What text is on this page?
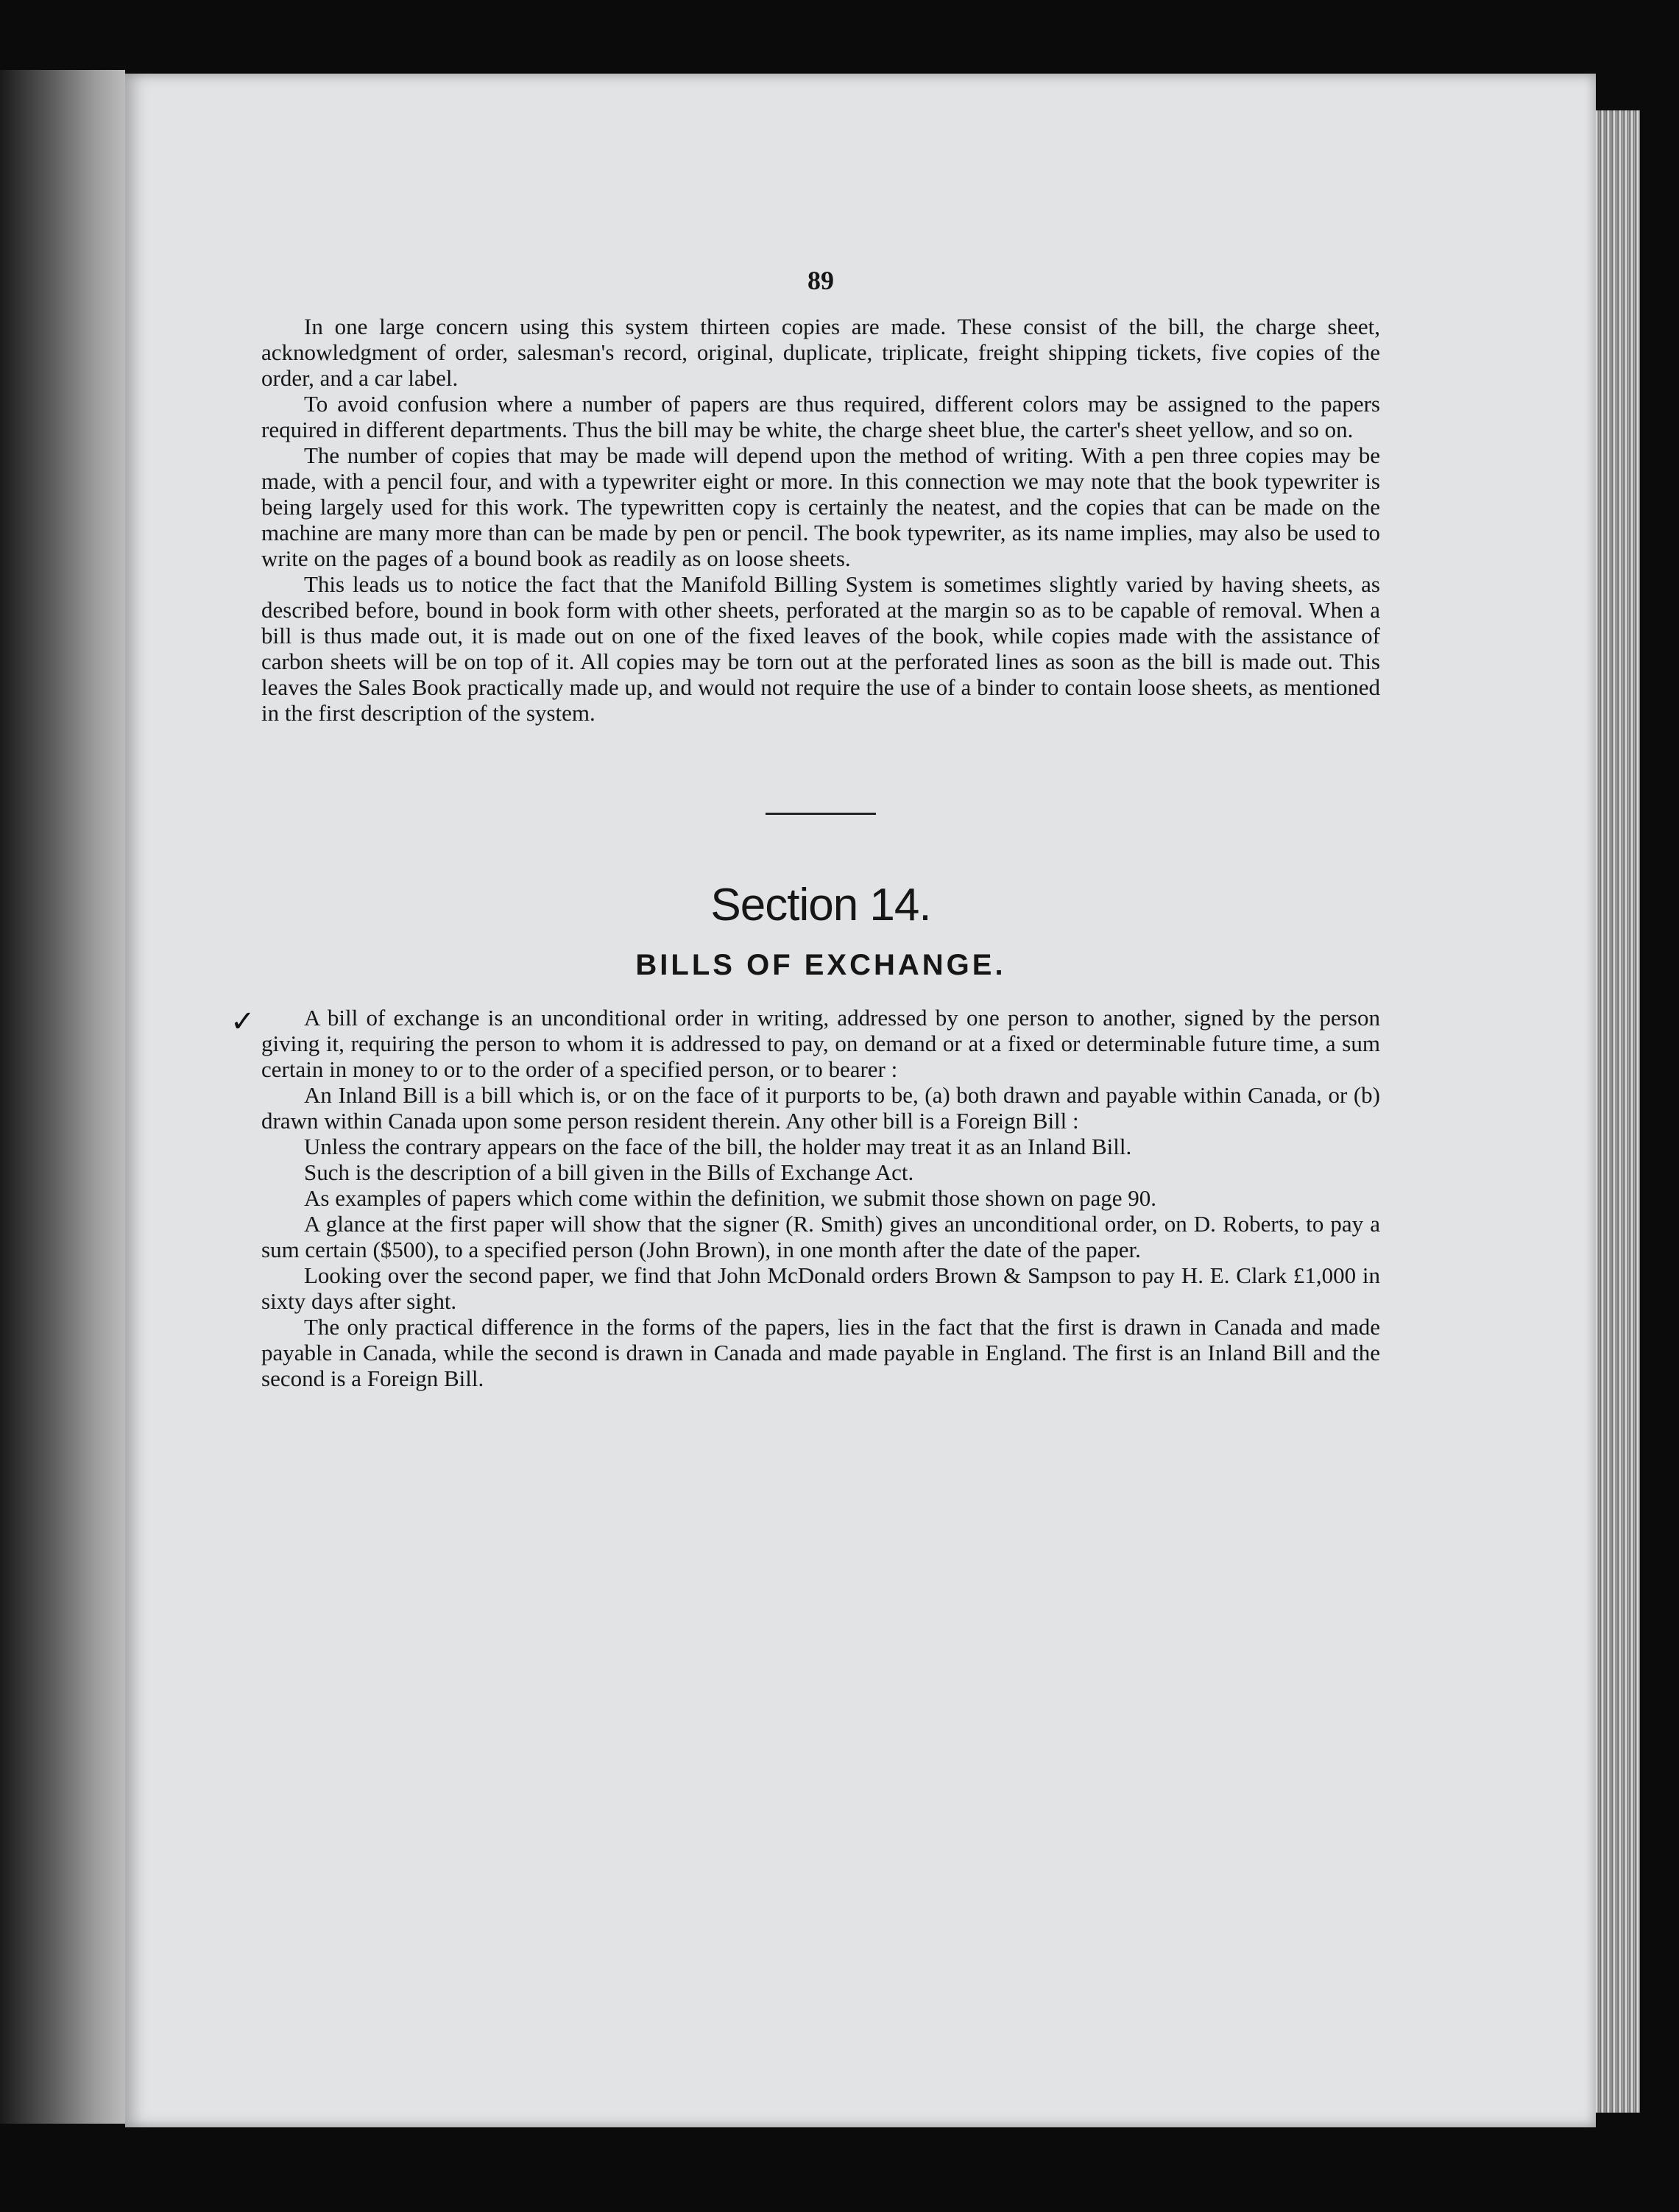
89

In one large concern using this system thirteen copies are made. These consist of the bill, the charge sheet, acknowledgment of order, salesman's record, original, duplicate, triplicate, freight shipping tickets, five copies of the order, and a car label.

To avoid confusion where a number of papers are thus required, different colors may be assigned to the papers required in different departments. Thus the bill may be white, the charge sheet blue, the carter's sheet yellow, and so on.

The number of copies that may be made will depend upon the method of writing. With a pen three copies may be made, with a pencil four, and with a typewriter eight or more. In this connection we may note that the book typewriter is being largely used for this work. The typewritten copy is certainly the neatest, and the copies that can be made on the machine are many more than can be made by pen or pencil. The book typewriter, as its name implies, may also be used to write on the pages of a bound book as readily as on loose sheets.

This leads us to notice the fact that the Manifold Billing System is sometimes slightly varied by having sheets, as described before, bound in book form with other sheets, perforated at the margin so as to be capable of removal. When a bill is thus made out, it is made out on one of the fixed leaves of the book, while copies made with the assistance of carbon sheets will be on top of it. All copies may be torn out at the perforated lines as soon as the bill is made out. This leaves the Sales Book practically made up, and would not require the use of a binder to contain loose sheets, as mentioned in the first description of the system.

Section 14.
BILLS OF EXCHANGE.
✓	A bill of exchange is an unconditional order in writing, addressed by one person to another, signed by the person giving it, requiring the person to whom it is addressed to pay, on demand or at a fixed or determinable future time, a sum certain in money to or to the order of a specified person, or to bearer :

An Inland Bill is a bill which is, or on the face of it purports to be, (a) both drawn and payable within Canada, or (b) drawn within Canada upon some person resident therein. Any other bill is a Foreign Bill :

Unless the contrary appears on the face of the bill, the holder may treat it as an Inland Bill.

Such is the description of a bill given in the Bills of Exchange Act.

As examples of papers which come within the definition, we submit those shown on page 90.

A glance at the first paper will show that the signer (R. Smith) gives an unconditional order, on D. Roberts, to pay a sum certain ($500), to a specified person (John Brown), in one month after the date of the paper.

Looking over the second paper, we find that John McDonald orders Brown & Sampson to pay H. E. Clark £1,000 in sixty days after sight.

The only practical difference in the forms of the papers, lies in the fact that the first is drawn in Canada and made payable in Canada, while the second is drawn in Canada and made payable in England. The first is an Inland Bill and the second is a Foreign Bill.
